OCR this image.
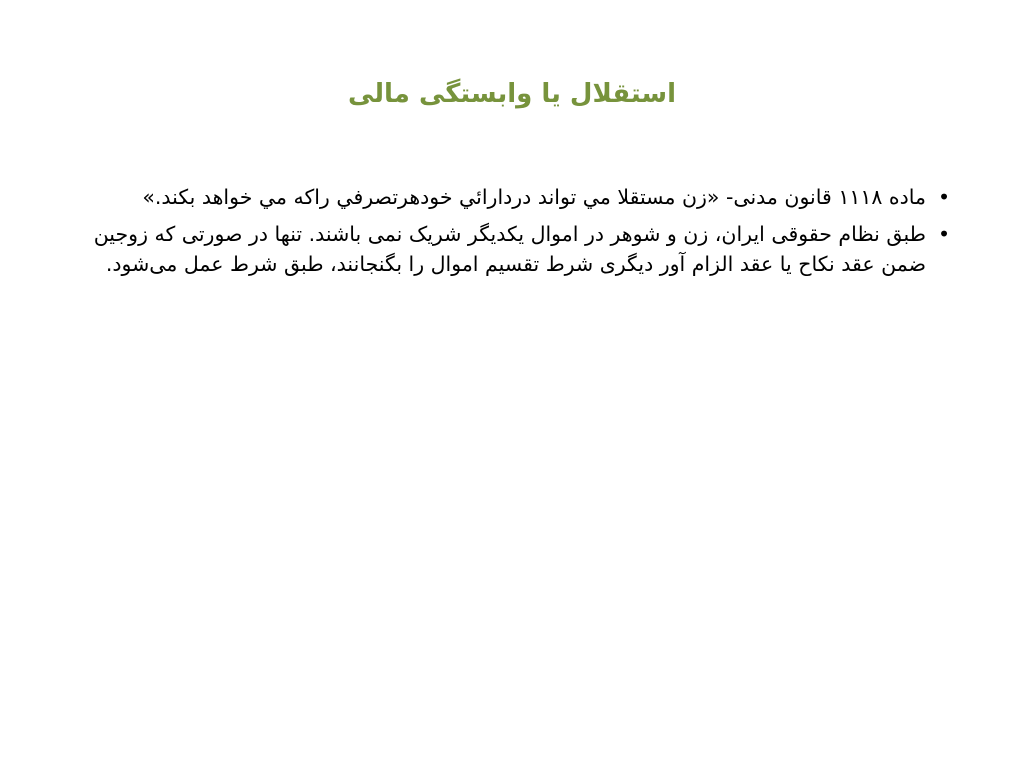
استقلال یا وابستگی مالی
•
ماده ۱۱۱۸ قانون مدنی- «زن مستقلا مي تواند دردارائي خودهرتصرفي راكه مي خواهد بكند.»
•
طبق نظام حقوقی ایران، زن و شوهر در اموال یکدیگر شریک نمی باشند. تنها در صورتی که زوجین ضمن عقد نکاح یا عقد الزام آور دیگری شرط تقسیم اموال را بگنجانند، طبق شرط عمل می‌شود.
